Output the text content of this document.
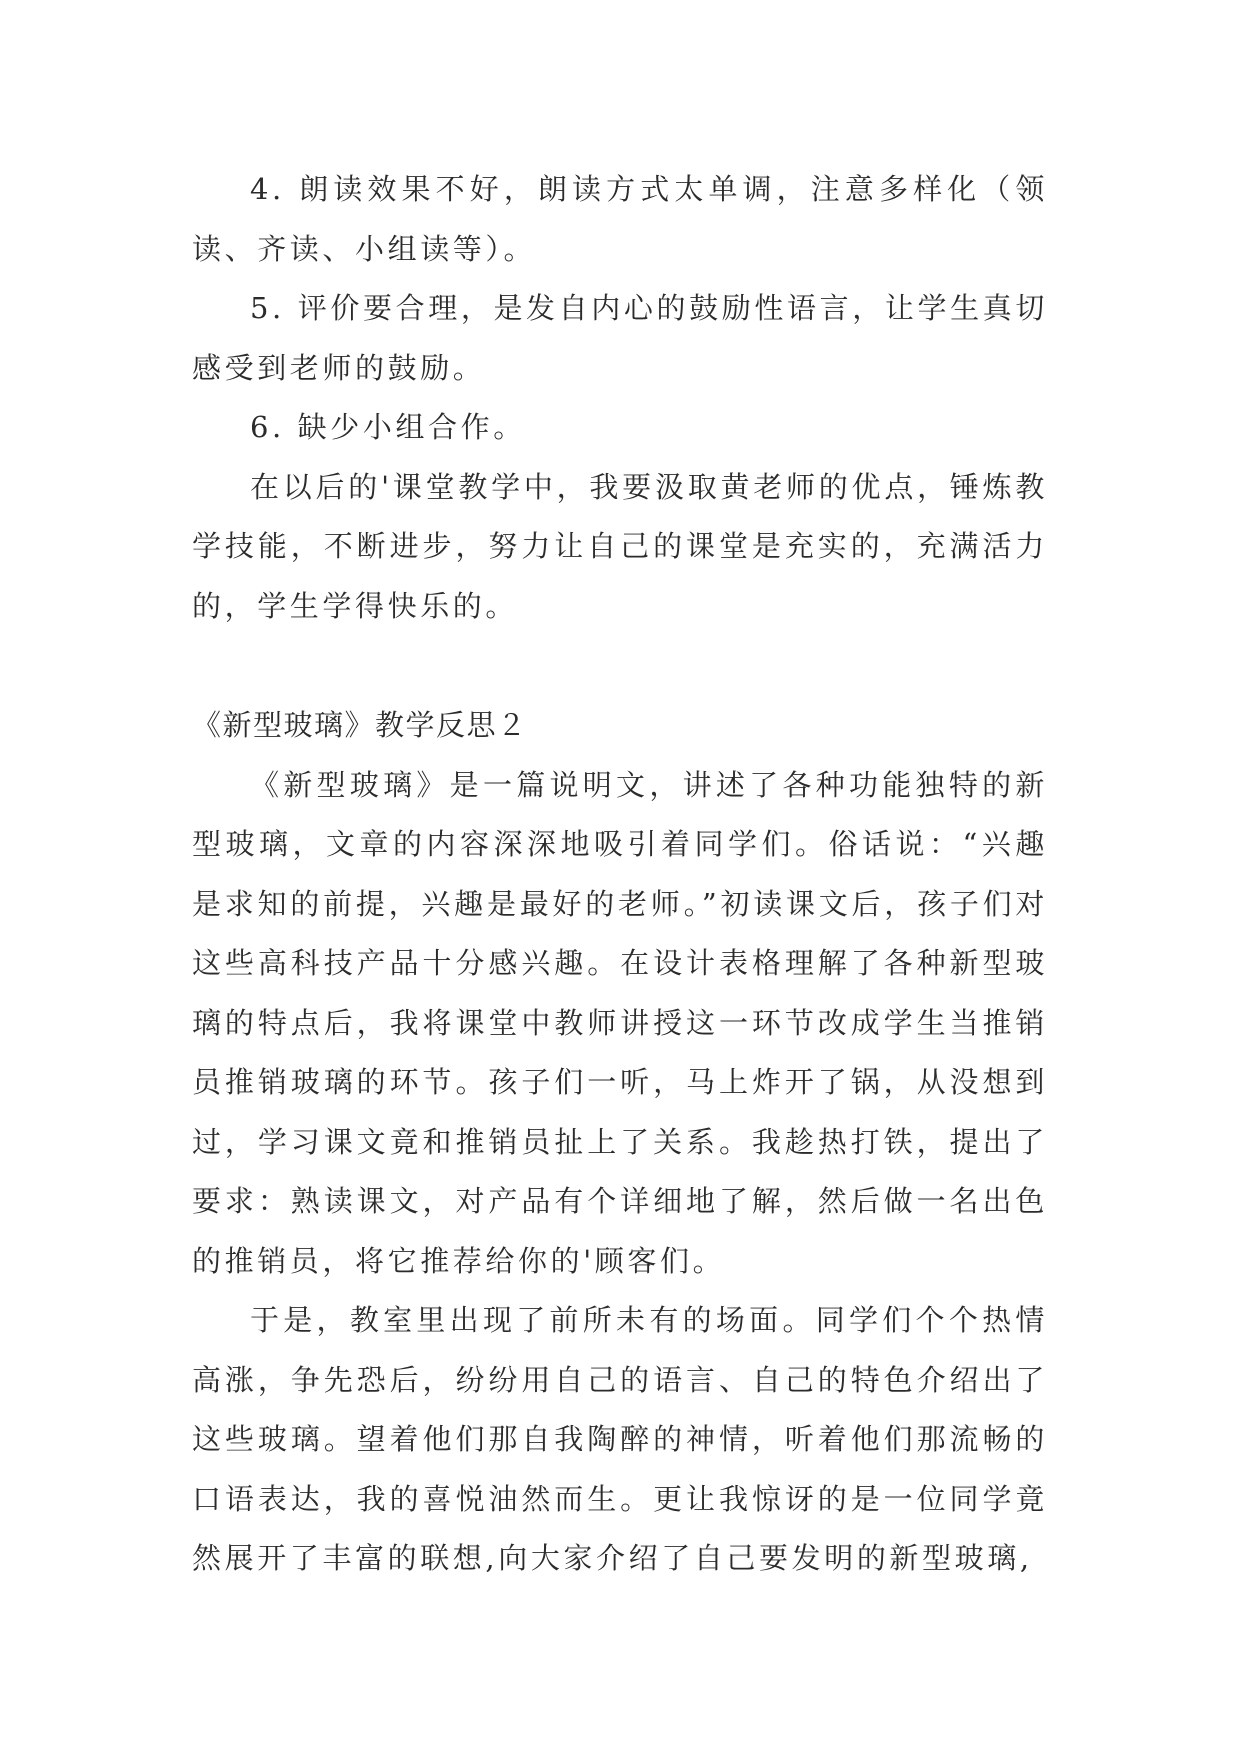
4. 朗读效果不好，朗读方式太单调，注意多样化（领读、齐读、小组读等）。

5. 评价要合理，是发自内心的鼓励性语言，让学生真切感受到老师的鼓励。

6. 缺少小组合作。

在以后的'课堂教学中，我要汲取黄老师的优点，锤炼教学技能，不断进步，努力让自己的课堂是充实的，充满活力的，学生学得快乐的。

《新型玻璃》教学反思２

《新型玻璃》是一篇说明文，讲述了各种功能独特的新型玻璃，文章的内容深深地吸引着同学们。俗话说：“兴趣是求知的前提，兴趣是最好的老师。”初读课文后，孩子们对这些高科技产品十分感兴趣。在设计表格理解了各种新型玻璃的特点后，我将课堂中教师讲授这一环节改成学生当推销员推销玻璃的环节。孩子们一听，马上炸开了锅，从没想到过，学习课文竟和推销员扯上了关系。我趁热打铁，提出了要求：熟读课文，对产品有个详细地了解，然后做一名出色的推销员，将它推荐给你的'顾客们。

于是，教室里出现了前所未有的场面。同学们个个热情高涨，争先恐后，纷纷用自己的语言、自己的特色介绍出了这些玻璃。望着他们那自我陶醉的神情，听着他们那流畅的口语表达，我的喜悦油然而生。更让我惊讶的是一位同学竟然展开了丰富的联想,向大家介绍了自己要发明的新型玻璃,
